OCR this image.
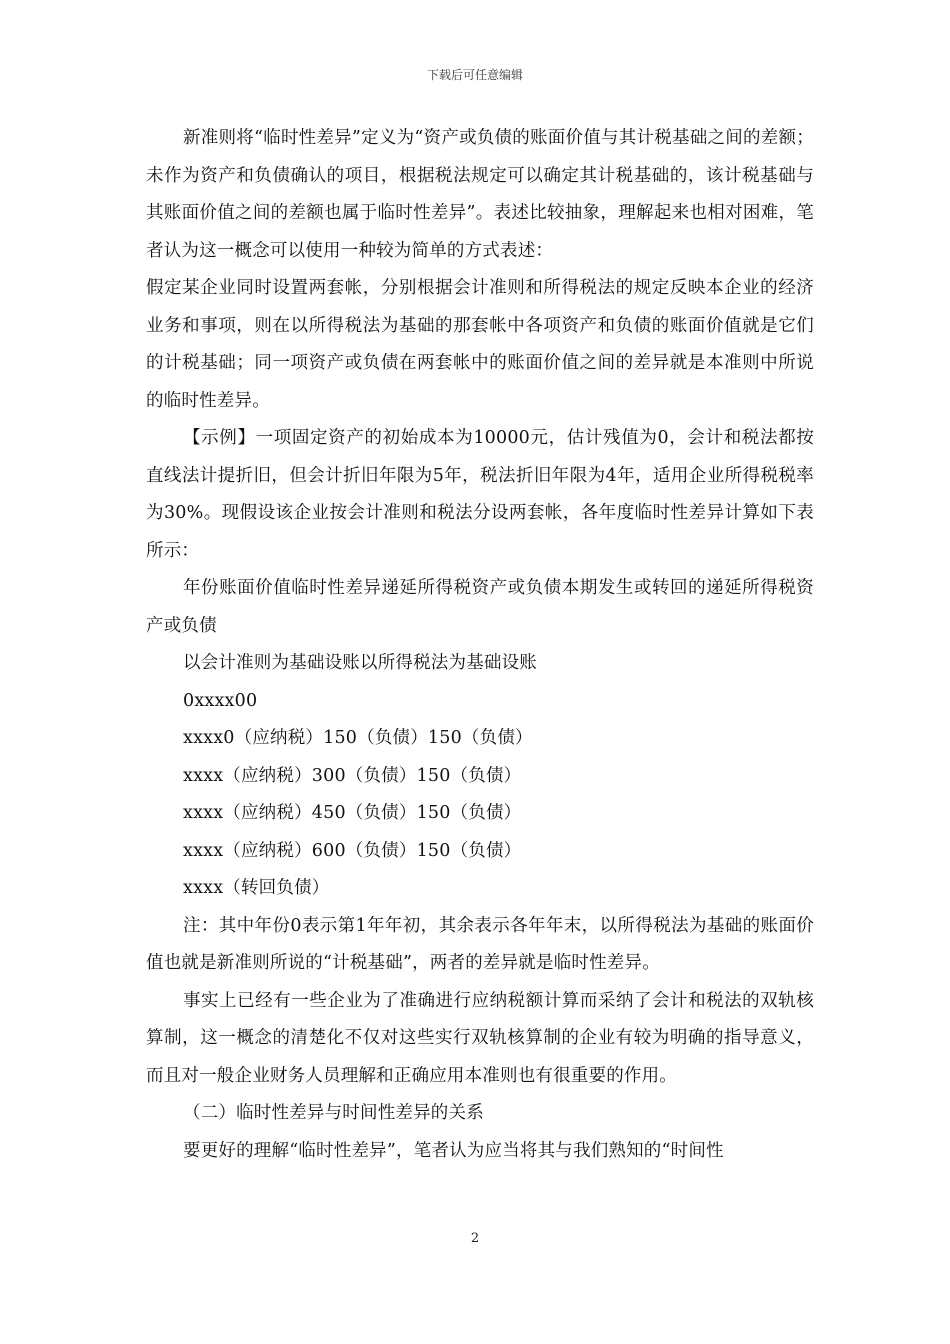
下载后可任意编辑

新准则将“临时性差异”定义为“资产或负债的账面价值与其计税基础之间的差额；未作为资产和负债确认的项目，根据税法规定可以确定其计税基础的，该计税基础与其账面价值之间的差额也属于临时性差异”。表述比较抽象，理解起来也相对困难，笔者认为这一概念可以使用一种较为简单的方式表述：

假定某企业同时设置两套帐，分别根据会计准则和所得税法的规定反映本企业的经济业务和事项，则在以所得税法为基础的那套帐中各项资产和负债的账面价值就是它们的计税基础；同一项资产或负债在两套帐中的账面价值之间的差异就是本准则中所说的临时性差异。

【示例】一项固定资产的初始成本为10000元，估计残值为0，会计和税法都按直线法计提折旧，但会计折旧年限为5年，税法折旧年限为4年，适用企业所得税税率为30%。现假设该企业按会计准则和税法分设两套帐，各年度临时性差异计算如下表所示：

年份账面价值临时性差异递延所得税资产或负债本期发生或转回的递延所得税资产或负债

以会计准则为基础设账以所得税法为基础设账

0xxxx00

xxxx0（应纳税）150（负债）150（负债）

xxxx（应纳税）300（负债）150（负债）

xxxx（应纳税）450（负债）150（负债）

xxxx（应纳税）600（负债）150（负债）

xxxx（转回负债）

注：其中年份0表示第1年年初，其余表示各年年末，以所得税法为基础的账面价值也就是新准则所说的“计税基础”，两者的差异就是临时性差异。

事实上已经有一些企业为了准确进行应纳税额计算而采纳了会计和税法的双轨核算制，这一概念的清楚化不仅对这些实行双轨核算制的企业有较为明确的指导意义，而且对一般企业财务人员理解和正确应用本准则也有很重要的作用。

（二）临时性差异与时间性差异的关系

要更好的理解“临时性差异”，笔者认为应当将其与我们熟知的“时间性

2
